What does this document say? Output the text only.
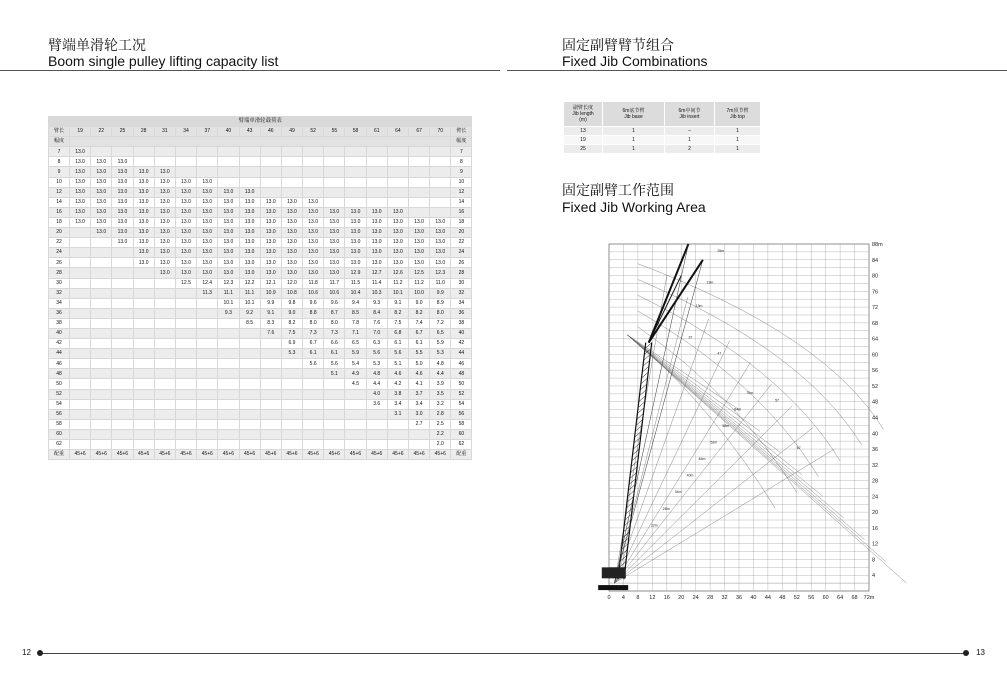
臂端单滑轮工况
Boom single pulley lifting capacity list
固定副臂臂节组合
Fixed Jib Combinations
臂端单滑轮载荷表																			
臂长	19	22	25	28	31	34	37	40	43	46	49	52	55	58	61	64	67	70	臂长
幅度																			幅度
7	13.0																		7
8	13.0	13.0	13.0																8
9	13.0	13.0	13.0	13.0	13.0														9
10	13.0	13.0	13.0	13.0	13.0	13.0	13.0												10
12	13.0	13.0	13.0	13.0	13.0	13.0	13.0	13.0	13.0										12
14	13.0	13.0	13.0	13.0	13.0	13.0	13.0	13.0	13.0	13.0	13.0	13.0							14
16	13.0	13.0	13.0	13.0	13.0	13.0	13.0	13.0	13.0	13.0	13.0	13.0	13.0	13.0	13.0	13.0			16
18	13.0	13.0	13.0	13.0	13.0	13.0	13.0	13.0	13.0	13.0	13.0	13.0	13.0	13.0	13.0	13.0	13.0	13.0	18
20		13.0	13.0	13.0	13.0	13.0	13.0	13.0	13.0	13.0	13.0	13.0	13.0	13.0	13.0	13.0	13.0	13.0	20
22			13.0	13.0	13.0	13.0	13.0	13.0	13.0	13.0	13.0	13.0	13.0	13.0	13.0	13.0	13.0	13.0	22
24				13.0	13.0	13.0	13.0	13.0	13.0	13.0	13.0	13.0	13.0	13.0	13.0	13.0	13.0	13.0	24
26				13.0	13.0	13.0	13.0	13.0	13.0	13.0	13.0	13.0	13.0	13.0	13.0	13.0	13.0	13.0	26
28					13.0	13.0	13.0	13.0	13.0	13.0	13.0	13.0	13.0	12.9	12.7	12.6	12.5	12.3	28
30						12.5	12.4	12.3	12.2	12.1	12.0	11.8	11.7	11.5	11.4	11.2	11.2	11.0	30
32							11.3	11.1	11.1	10.9	10.8	10.6	10.6	10.4	10.3	10.1	10.0	9.9	32
34								10.1	10.1	9.9	9.8	9.6	9.6	9.4	9.3	9.1	9.0	8.9	34
36								9.3	9.2	9.1	9.0	8.8	8.7	8.5	8.4	8.2	8.2	8.0	36
38									8.5	8.3	8.2	8.0	8.0	7.8	7.6	7.5	7.4	7.2	38
40										7.6	7.5	7.3	7.3	7.1	7.0	6.8	6.7	6.5	40
42											6.9	6.7	6.6	6.5	6.3	6.1	6.1	5.9	42
44											5.3	6.1	6.1	5.9	5.6	5.6	5.5	5.3	44
46												5.6	5.6	5.4	5.3	5.1	5.0	4.8	46
48													5.1	4.9	4.8	4.6	4.6	4.4	48
50														4.5	4.4	4.2	4.1	3.9	50
52															4.0	3.8	3.7	3.5	52
54															3.6	3.4	3.4	3.2	54
56																3.1	3.0	2.8	56
58																	2.7	2.5	58
60																		2.2	60
62																		2.0	62
配重	45+6	45+6	45+6	45+6	45+6	45+6	45+6	45+6	45+6	45+6	45+6	45+6	45+6	45+6	45+6	45+6	45+6	45+6	配重
副臂长度
Jib length
(m)	6m底节臂
Jib base	6m中间节
Jib insert	7m顶节臂
Jib top
13	1	–	1
19	1	1	1
25	1	2	1
固定副臂工作范围
Fixed Jib Working Area
0 4 8 12 16 20 24 28 32 36 40 44 48 52 56 60 64 68 72m
4
8
12
16
20
24
28
32
36
40
44
48
52
56
60
64
68
72
76
80
84
88m
25m
19m
13m
37
47
57
67
70m
64m
58m
52m
46m
40m
34m
28m
22m
12	13
